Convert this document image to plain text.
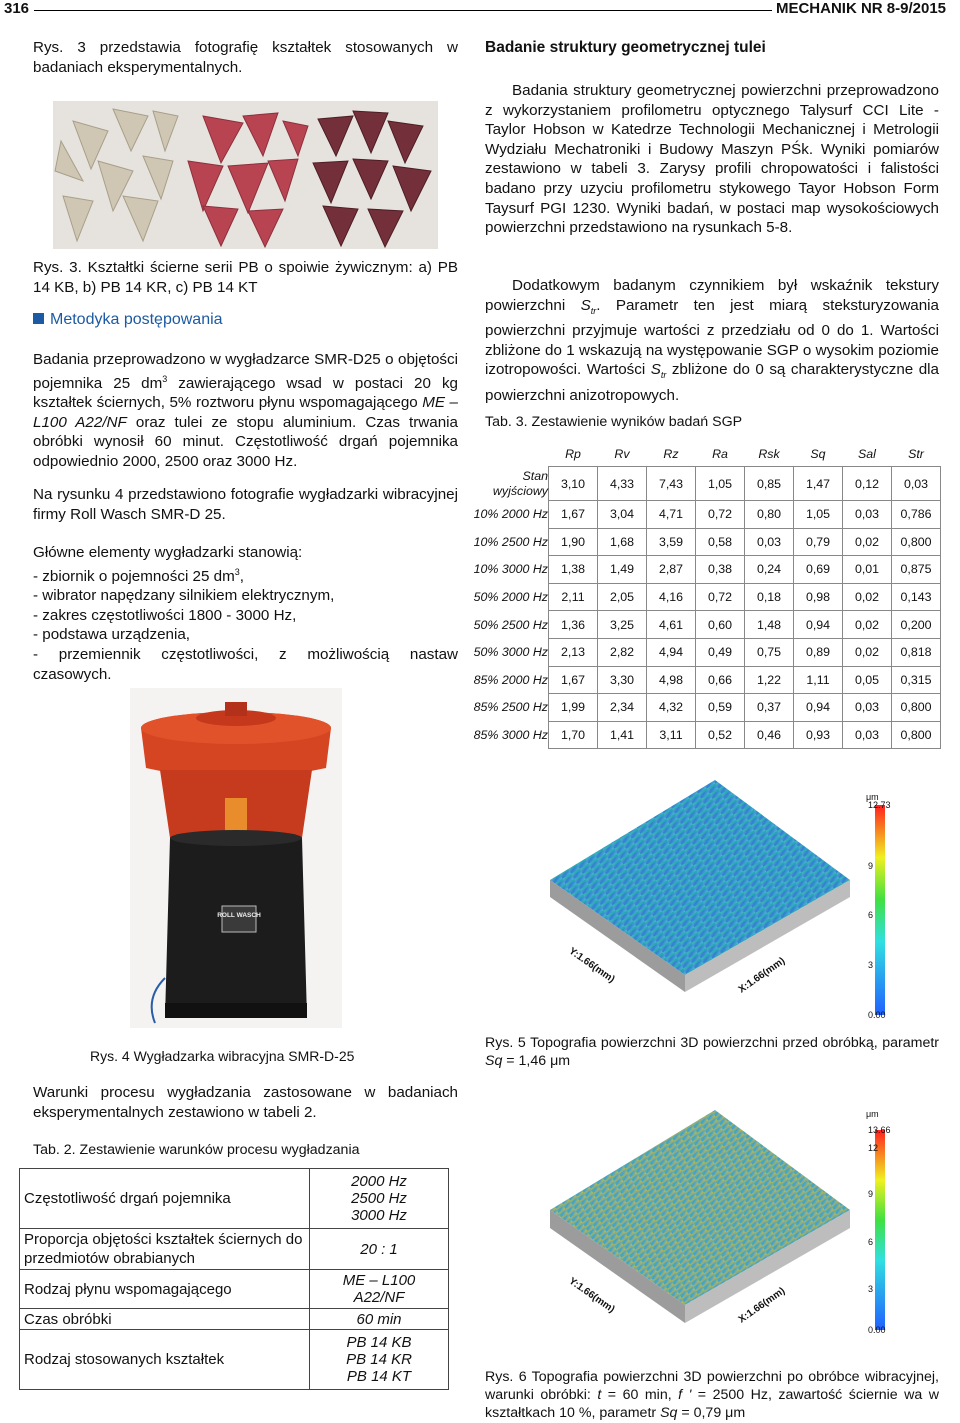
316	MECHANIK NR 8-9/2015
Rys. 3 przedstawia fotografię kształtek stosowanych w badaniach eksperymentalnych.
Rys. 3. Kształtki ścierne serii PB o spoiwie żywicznym: a) PB 14 KB, b) PB 14 KR, c) PB 14 KT
Metodyka postępowania
Badania przeprowadzono w wygładzarce SMR-D25 o objętości pojemnika 25 $dm^3$ zawierającego wsad w postaci 20 kg kształtek ściernych, 5% roztworu płynu wspomagającego ME – L100 A22/NF oraz tulei ze stopu aluminium. Czas trwania obróbki wynosił 60 minut. Częstotliwość drgań pojemnika odpowiednio 2000, 2500 oraz 3000 Hz.
Na rysunku 4 przedstawiono fotografie wygładzarki wibracyjnej firmy Roll Wasch SMR-D 25.
Główne elementy wygładzarki stanowią:
- zbiornik o pojemności 25 $dm^3$,
- wibrator napędzany silnikiem elektrycznym,
- zakres częstotliwości 1800 - 3000 Hz,
- podstawa urządzenia,
- przemiennik częstotliwości, z możliwością nastaw czasowych.
ROLL WASCH
Rys. 4 Wygładzarka wibracyjna SMR-D-25
Warunki procesu wygładzania zastosowane w badaniach eksperymentalnych zestawiono w tabeli 2.
Tab. 2. Zestawienie warunków procesu wygładzania
Częstotliwość drgań pojemnika	2000 Hz
2500 Hz
3000 Hz

Proporcja objętości kształtek ściernych do przedmiotów obrabianych	20 : 1
Rodzaj płynu wspomagającego	ME – L100
A22/NF

Czas obróbki	60 min
Rodzaj stosowanych kształtek	PB 14 KB
PB 14 KR
PB 14 KT
Badanie struktury geometrycznej tulei
Badania struktury geometrycznej powierzchni przeprowadzono z wykorzystaniem profilometru optycznego Talysurf CCI Lite - Taylor Hobson w Katedrze Technologii Mechanicznej i Metrologii Wydziału Mechatroniki i Budowy Maszyn PŚk. Wyniki pomiarów zestawiono w tabeli 3. Zarysy profili chropowatości i falistości badano przy uzyciu profilometru stykowego Tayor Hobson Form Taysurf PGI 1230. Wyniki badań, w postaci map wysokościowych powierzchni przedstawiono na rysunkach 5-8.
Dodatkowym badanym czynnikiem był wskaźnik tekstury powierzchni $S_{tr}$. Parametr ten jest miarą steksturyzowania powierzchni przyjmuje wartości z przedziału od 0 do 1. Wartości zbliżone do 1 wskazują na występowanie SGP o wysokim poziomie izotropowości. Wartości $S_{tr}$ zbliżone do 0 są charakterystyczne dla powierzchni anizotropowych.
Tab. 3. Zestawienie wyników badań SGP
	Rp	Rv	Rz	Ra	Rsk	Sq	Sal	Str
Stan wyjściowy	3,10	4,33	7,43	1,05	0,85	1,47	0,12	0,03
10% 2000 Hz	1,67	3,04	4,71	0,72	0,80	1,05	0,03	0,786
10% 2500 Hz	1,90	1,68	3,59	0,58	0,03	0,79	0,02	0,800
10% 3000 Hz	1,38	1,49	2,87	0,38	0,24	0,69	0,01	0,875
50% 2000 Hz	2,11	2,05	4,16	0,72	0,18	0,98	0,02	0,143
50% 2500 Hz	1,36	3,25	4,61	0,60	1,48	0,94	0,02	0,200
50% 3000 Hz	2,13	2,82	4,94	0,49	0,75	0,89	0,02	0,818
85% 2000 Hz	1,67	3,30	4,98	0,66	1,22	1,11	0,05	0,315
85% 2500 Hz	1,99	2,34	4,32	0,59	0,37	0,94	0,03	0,800
85% 3000 Hz	1,70	1,41	3,11	0,52	0,46	0,93	0,03	0,800
μm
12.73
9
6
3
0.00
Y:1.66(mm)	X:1.66(mm)
Rys. 5 Topografia powierzchni 3D powierzchni przed obróbką, parametr Sq = 1,46 μm
μm
13.66
12
9
6
3
0.00
Y:1.66(mm)	X:1.66(mm)
Rys. 6 Topografia powierzchni 3D powierzchni po obróbce wibracyjnej, warunki obróbki: t = 60 min, f ' = 2500 Hz, zawartość ściernie wa w kształtkach 10 %, parametr Sq = 0,79 μm
